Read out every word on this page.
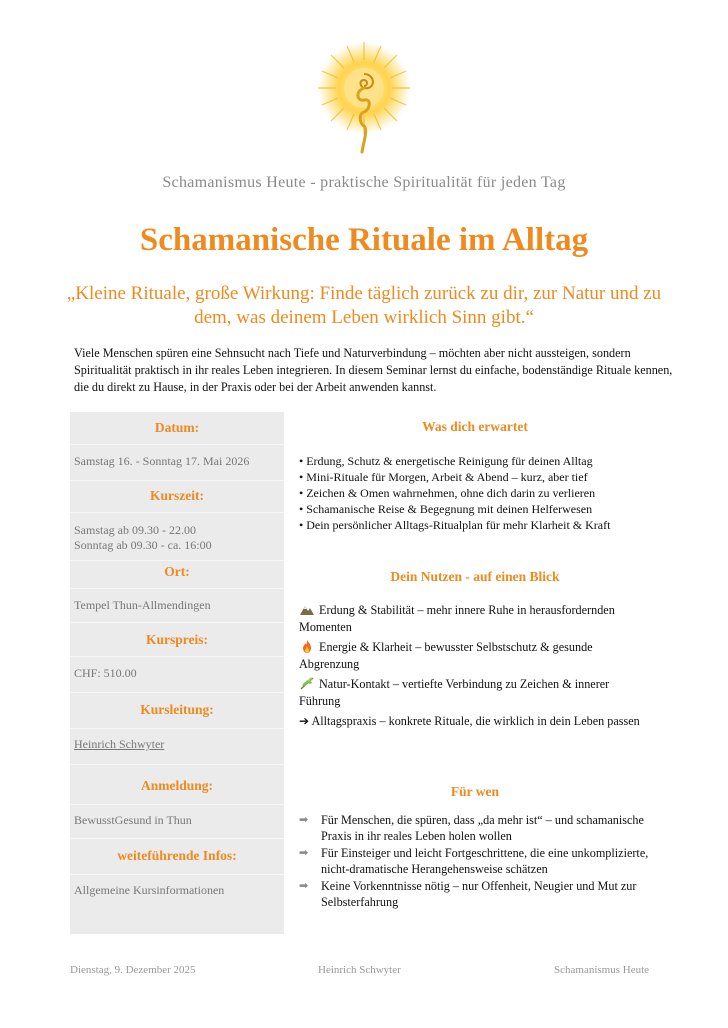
Schamanismus Heute - praktische Spiritualität für jeden Tag
Schamanische Rituale im Alltag
„Kleine Rituale, große Wirkung: Finde täglich zurück zu dir, zur Natur und zu dem, was deinem Leben wirklich Sinn gibt.“
Viele Menschen spüren eine Sehnsucht nach Tiefe und Naturverbindung – möchten aber nicht aussteigen, sondern Spiritualität praktisch in ihr reales Leben integrieren. In diesem Seminar lernst du einfache, bodenständige Rituale kennen, die du direkt zu Hause, in der Praxis oder bei der Arbeit anwenden kannst.
Datum:
Samstag 16. - Sonntag 17. Mai 2026
Kurszeit:
Samstag ab 09.30 - 22.00
Sonntag ab 09.30 - ca. 16:00
Ort:
Tempel Thun-Allmendingen
Kurspreis:
CHF: 510.00
Kursleitung:
Heinrich Schwyter
Anmeldung:
BewusstGesund in Thun
weiteführende Infos:
Allgemeine Kursinformationen
Was dich erwartet
• Erdung, Schutz & energetische Reinigung für deinen Alltag
• Mini-Rituale für Morgen, Arbeit & Abend – kurz, aber tief
• Zeichen & Omen wahrnehmen, ohne dich darin zu verlieren
• Schamanische Reise & Begegnung mit deinen Helferwesen
• Dein persönlicher Alltags-Ritualplan für mehr Klarheit & Kraft
Dein Nutzen - auf einen Blick
Erdung & Stabilität – mehr innere Ruhe in herausfordernden Momenten
Energie & Klarheit – bewusster Selbstschutz & gesunde Abgrenzung
Natur-Kontakt – vertiefte Verbindung zu Zeichen & innerer Führung
➔ Alltagspraxis – konkrete Rituale, die wirklich in dein Leben passen
Für wen
➡ Für Menschen, die spüren, dass „da mehr ist“ – und schamanische Praxis in ihr reales Leben holen wollen
➡ Für Einsteiger und leicht Fortgeschrittene, die eine unkomplizierte, nicht-dramatische Herangehensweise schätzen
➡ Keine Vorkenntnisse nötig – nur Offenheit, Neugier und Mut zur Selbsterfahrung
Dienstag, 9. Dezember 2025	Heinrich Schwyter	Schamanismus Heute
